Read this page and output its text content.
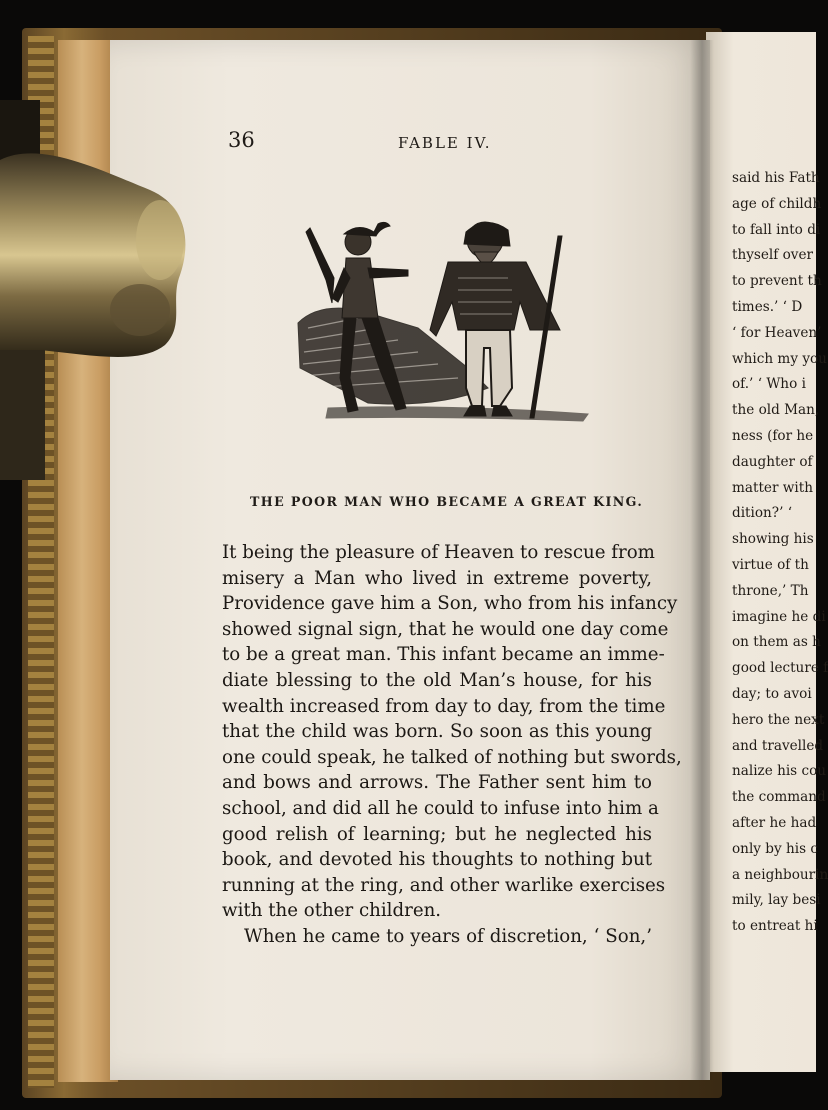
36	FABLE IV.
THE POOR MAN WHO BECAME A GREAT KING.
It being the pleasure of Heaven to rescue from
misery a Man who lived in extreme poverty,
Providence gave him a Son, who from his infancy
showed signal sign, that he would one day come
to be a great man. This infant became an imme-
diate blessing to the old Man’s house, for his
wealth increased from day to day, from the time
that the child was born. So soon as this young
one could speak, he talked of nothing but swords,
and bows and arrows. The Father sent him to
school, and did all he could to infuse into him a
good relish of learning; but he neglected his
book, and devoted his thoughts to nothing but
running at the ring, and other warlike exercises
with the other children.
When he came to years of discretion, ‘ Son,’
said his Fath
age of childh
to fall into di
thyself over
to prevent th
times.’ ‘ D
‘ for Heaven’
which my you
of.’ ‘ Who i
the old Man,
ness (for he
daughter of
matter with
dition?’ ‘
showing his
virtue of th
throne,’ Th
imagine he di
on them as h
good lecture f
day; to avoi
hero the next
and travelled
nalize his cou
the command
after he had
only by his c
a neighbourin
mily, lay besi
to entreat hi
